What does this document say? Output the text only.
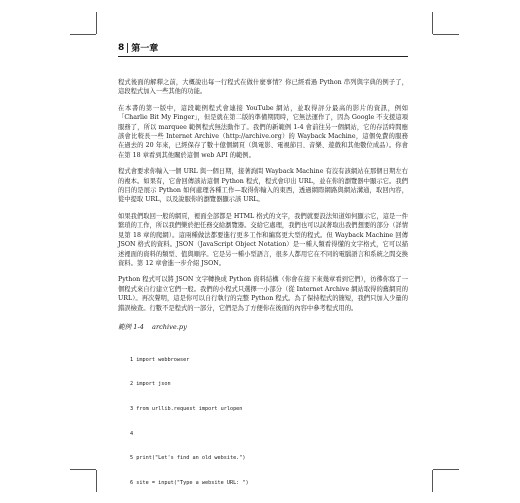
8 第一章

程式後面的解釋之前，大概說出每一行程式在做什麼事情？你已經看過 Python 串列與字典的例子了，這段程式加入一些其他的功能。

在本書的第一版中，這段範例程式會連接 YouTube 網站，並取得評分最高的影片的資訊，例如「Charlie Bit My Finger」，但是就在第二版的準備期間時，它無法運作了，因為 Google 不支援這項服務了，所以 marquee 範例程式無法動作了。我們的新範例 1-4 會前往另一個網站，它的存活時間應該會比較長一些 Internet Archive（http://archive.org）的 Wayback Machine，這個免費的服務在過去的 20 年來，已經保存了數十億個網頁（與電影、電視節目、音樂、遊戲和其他數位成品）。你會在第 18 章看到其他關於這個 web API 的範例。

程式會要求你輸入一個 URL 與一個日期，接著詢問 Wayback Machine 有沒有該網站在那個日期左右的複本。如果有，它會回傳該站這個 Python 程式，程式會印出 URL，並在你的瀏覽器中顯示它。我們的目的是展示 Python 如何處理各種工作—取得你輸入的東西，透過網際網路與網站溝通，取回內容，從中提取 URL，以及說服你的瀏覽器顯示該 URL。

如果我們取回一般的網頁，裡面全部都是 HTML 格式的文字，我們就要設法知道如何顯示它，這是一件繁瑣的工作，所以我們樂於把任務交給瀏覽器。交給它處理，我們也可以試著取出我們想要的部分（詳情見第 18 章的爬網）。這兩種做法都要進行更多工作和編寫更大型的程式。但 Wayback Machine 回傳 JSON 格式的資料。JSON（JavaScript Object Notation）是一種人類看得懂的文字格式，它可以描述裡面的資料的類型、值與順序。它是另一種小型語言，很多人都用它在不同的電腦語言和系統之間交換資料。第 12 章會進一步介紹 JSON。

Python 程式可以將 JSON 文字轉換成 Python 資料結構（你會在接下來幾章看到它們），彷彿你寫了一個程式來自行建立它們一般。我們的小程式只選擇一小部分（從 Internet Archive 網站取得的舊網頁的 URL）。再次聲明，這是你可以自行執行的完整 Python 程式。為了保持程式的簡短，我們只加入少量的錯誤檢查。行數不是程式的一部分，它們是為了方便你在後面的內容中參考程式用的。

範例 1-4 archive.py

1 import webbrowser

2 import json

3 from urllib.request import urlopen

4

5 print("Let's find an old website.")

6 site = input("Type a website URL: ")
